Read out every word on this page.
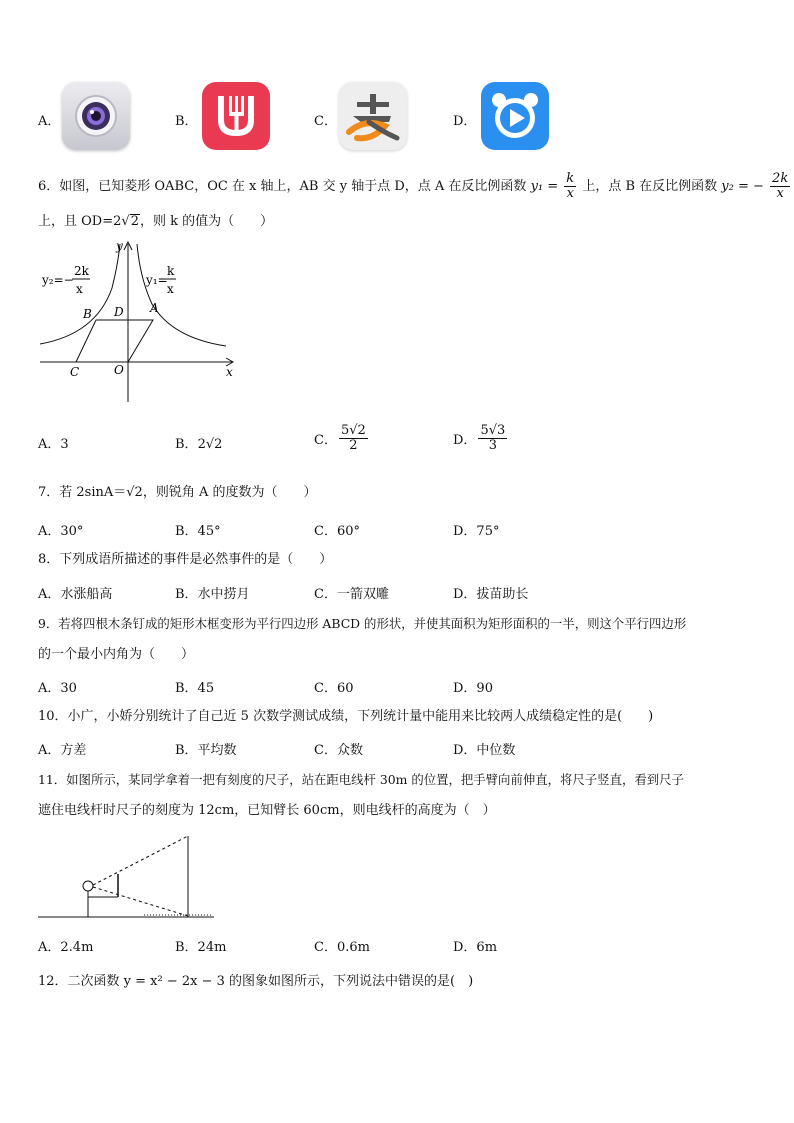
A．	B．	C．	D．
6．如图，已知菱形 OABC，OC 在 x 轴上，AB 交 y 轴于点 D，点 A 在反比例函数 $y_1 = \frac{k}{x}$ 上，点 B 在反比例函数 y₂ = − $\frac{2k}{x}$
上，且 OD=2√2，则 k 的值为（　　）
y₂=−
2k
x
y₁=
k
x
B D A
C	O	x
y
A．3	B．2√2	C． $\frac{5√2}{2}$	D． $\frac{5√3}{3}$
7．若 2sinA＝√2，则锐角 A 的度数为（　　）
A．30°	B．45°	C．60°	D．75°
8．下列成语所描述的事件是必然事件的是（　　）
A．水涨船高	B．水中捞月	C．一箭双雕	D．拔苗助长
9．若将四根木条钉成的矩形木框变形为平行四边形 ABCD 的形状，并使其面积为矩形面积的一半，则这个平行四边形
的一个最小内角为（　　）
A．30	B．45	C．60	D．90
10．小广，小娇分别统计了自己近 5 次数学测试成绩，下列统计量中能用来比较两人成绩稳定性的是(　　)
A．方差	B．平均数	C．众数	D．中位数
11．如图所示，某同学拿着一把有刻度的尺子，站在距电线杆 30m 的位置，把手臂向前伸直，将尺子竖直，看到尺子
遮住电线杆时尺子的刻度为 12cm，已知臂长 60cm，则电线杆的高度为（　）
A．2.4m	B．24m	C．0.6m	D．6m
12．二次函数 y = x² − 2x − 3 的图象如图所示，下列说法中错误的是(　)
